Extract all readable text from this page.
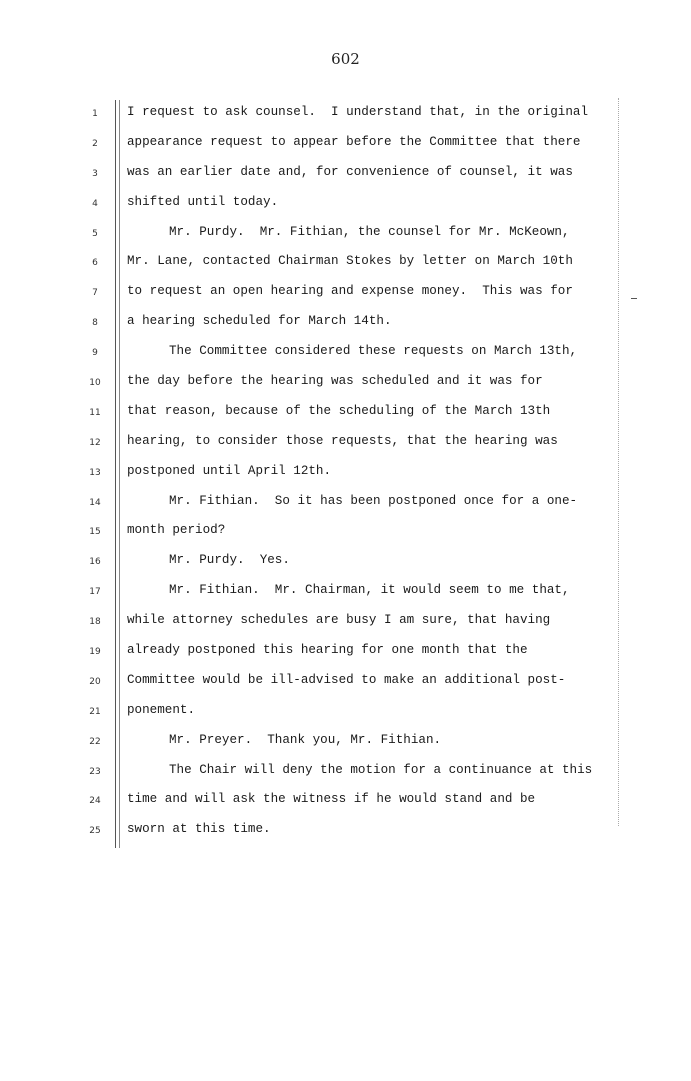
602
1
2
3
4
5
6
7
8
9
10
11
12
13
14
15
16
17
18
19
20
21
22
23
24
25
I request to ask counsel.  I understand that, in the original
appearance request to appear before the Committee that there
was an earlier date and, for convenience of counsel, it was
shifted until today.
Mr. Purdy.  Mr. Fithian, the counsel for Mr. McKeown,
Mr. Lane, contacted Chairman Stokes by letter on March 10th
to request an open hearing and expense money.  This was for
a hearing scheduled for March 14th.
The Committee considered these requests on March 13th,
the day before the hearing was scheduled and it was for
that reason, because of the scheduling of the March 13th
hearing, to consider those requests, that the hearing was
postponed until April 12th.
Mr. Fithian.  So it has been postponed once for a one-
month period?
Mr. Purdy.  Yes.
Mr. Fithian.  Mr. Chairman, it would seem to me that,
while attorney schedules are busy I am sure, that having
already postponed this hearing for one month that the
Committee would be ill-advised to make an additional post-
ponement.
Mr. Preyer.  Thank you, Mr. Fithian.
The Chair will deny the motion for a continuance at this
time and will ask the witness if he would stand and be
sworn at this time.
